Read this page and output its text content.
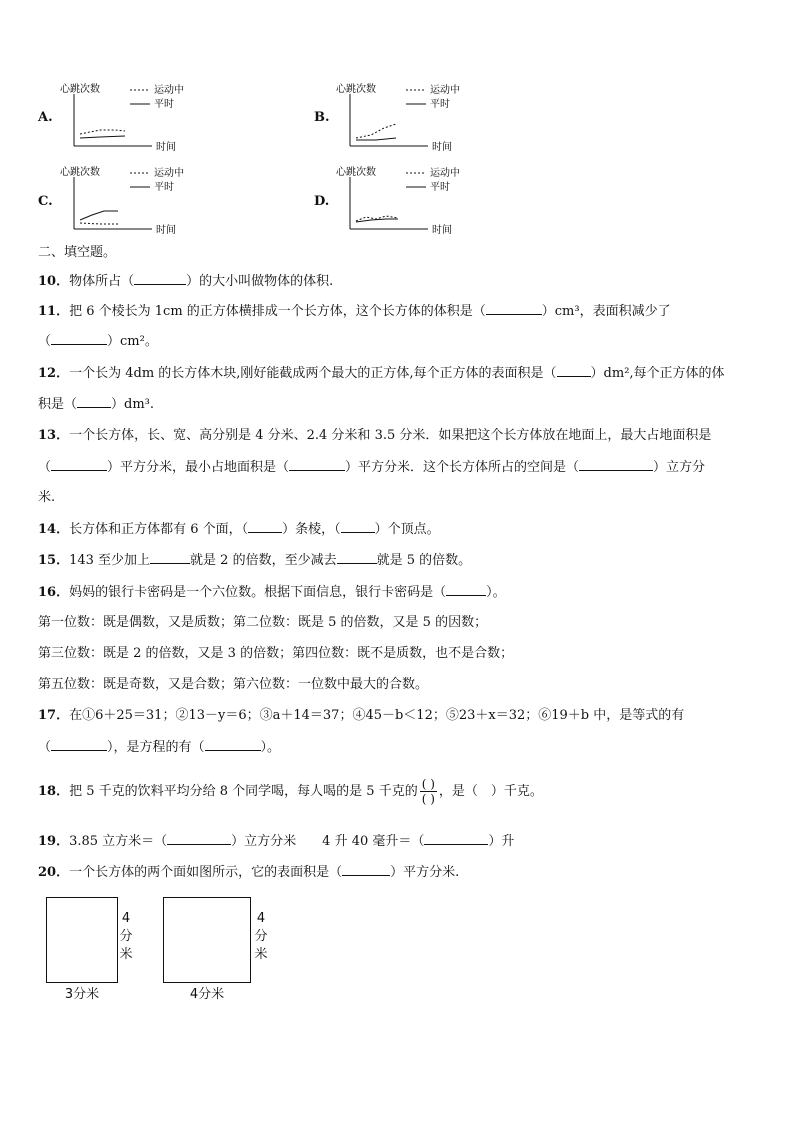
A.
心跳次数
时间
运动中
平时
B.
心跳次数
时间
运动中
平时
C.
心跳次数
时间
运动中
平时
D.
心跳次数
时间
运动中
平时
二、填空题。
10．物体所占（	）的大小叫做物体的体积.
11．把 6 个棱长为 1cm 的正方体横排成一个长方体，这个长方体的体积是（	）cm³，表面积减少了
（	）cm²。
12．一个长为 4dm 的长方体木块,刚好能截成两个最大的正方体,每个正方体的表面积是（	）dm²,每个正方体的体
积是（	）dm³.
13．一个长方体，长、宽、高分别是 4 分米、2.4 分米和 3.5 分米．如果把这个长方体放在地面上，最大占地面积是
（	）平方分米，最小占地面积是（	）平方分米．这个长方体所占的空间是（	）立方分
米.
14．长方体和正方体都有 6 个面，（	）条棱，（	）个顶点。
15．143 至少加上	就是 2 的倍数，至少减去	就是 5 的倍数。
16．妈妈的银行卡密码是一个六位数。根据下面信息，银行卡密码是（	）。
第一位数：既是偶数，又是质数；第二位数：既是 5 的倍数，又是 5 的因数；
第三位数：既是 2 的倍数，又是 3 的倍数；第四位数：既不是质数，也不是合数；
第五位数：既是奇数，又是合数；第六位数：一位数中最大的合数。
17．在①6＋25＝31；②13－y＝6；③a＋14＝37；④45－b＜12；⑤23＋x＝32；⑥19＋b 中，是等式的有
（	），是方程的有（	）。
18．把 5 千克的饮料平均分给 8 个同学喝，每人喝的是 5 千克的 $\frac{( )}{( )}$ ，是（　）千克。
19．3.85 立方米＝（	）立方分米　　4 升 40 毫升＝（	）升
20．一个长方体的两个面如图所示，它的表面积是（	）平方分米.
4
分
米
3分米
4
分
米
4分米
